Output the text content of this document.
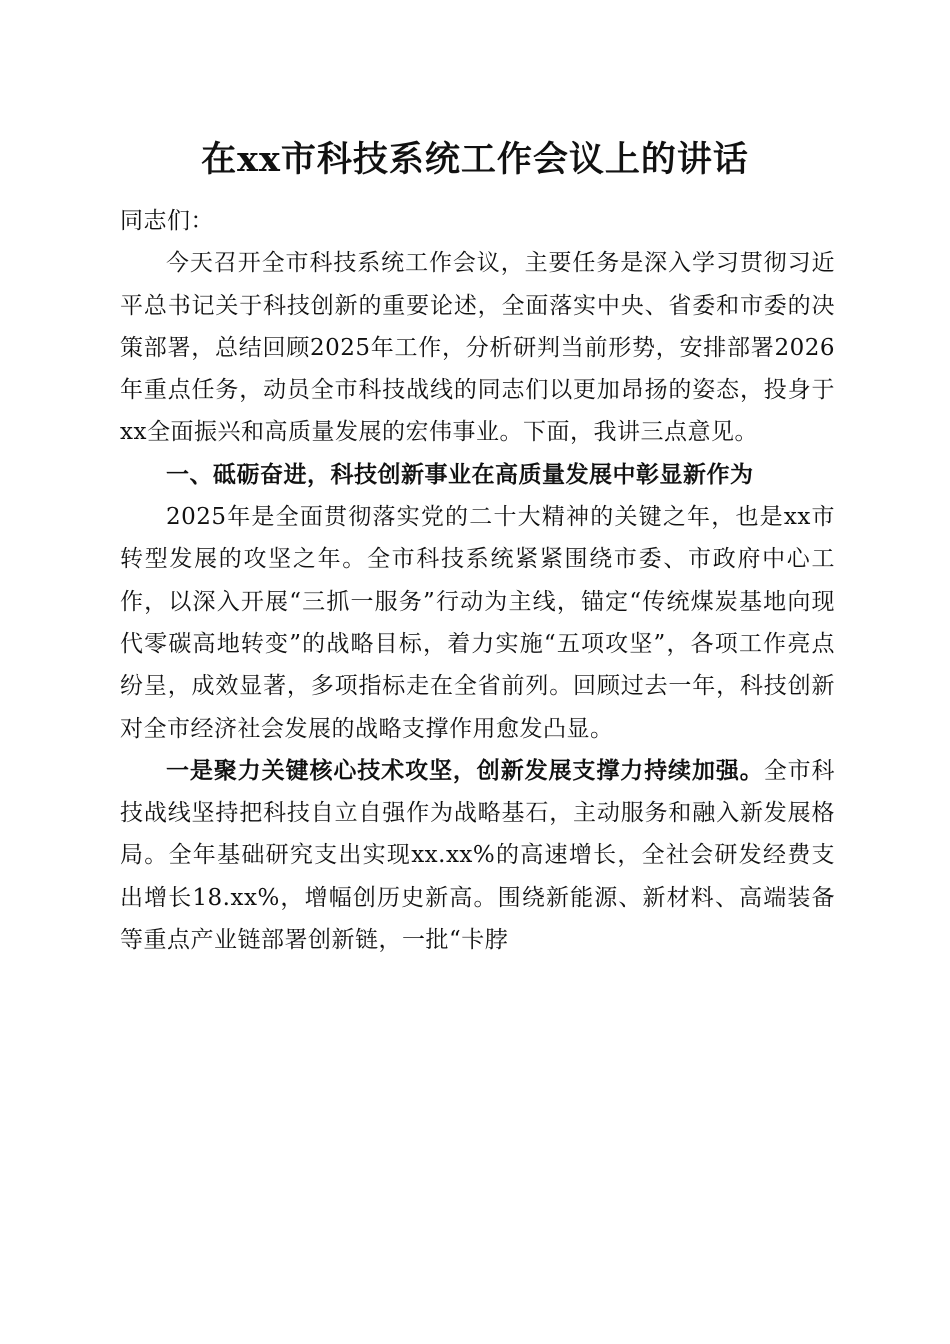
在xx市科技系统工作会议上的讲话

同志们：

今天召开全市科技系统工作会议，主要任务是深入学习贯彻习近平总书记关于科技创新的重要论述，全面落实中央、省委和市委的决策部署，总结回顾2025年工作，分析研判当前形势，安排部署2026年重点任务，动员全市科技战线的同志们以更加昂扬的姿态，投身于xx全面振兴和高质量发展的宏伟事业。下面，我讲三点意见。

一、砥砺奋进，科技创新事业在高质量发展中彰显新作为

2025年是全面贯彻落实党的二十大精神的关键之年，也是xx市转型发展的攻坚之年。全市科技系统紧紧围绕市委、市政府中心工作，以深入开展“三抓一服务”行动为主线，锚定“传统煤炭基地向现代零碳高地转变”的战略目标，着力实施“五项攻坚”，各项工作亮点纷呈，成效显著，多项指标走在全省前列。回顾过去一年，科技创新对全市经济社会发展的战略支撑作用愈发凸显。

一是聚力关键核心技术攻坚，创新发展支撑力持续加强。全市科技战线坚持把科技自立自强作为战略基石，主动服务和融入新发展格局。全年基础研究支出实现xx.xx%的高速增长，全社会研发经费支出增长18.xx%，增幅创历史新高。围绕新能源、新材料、高端装备等重点产业链部署创新链，一批“卡脖
